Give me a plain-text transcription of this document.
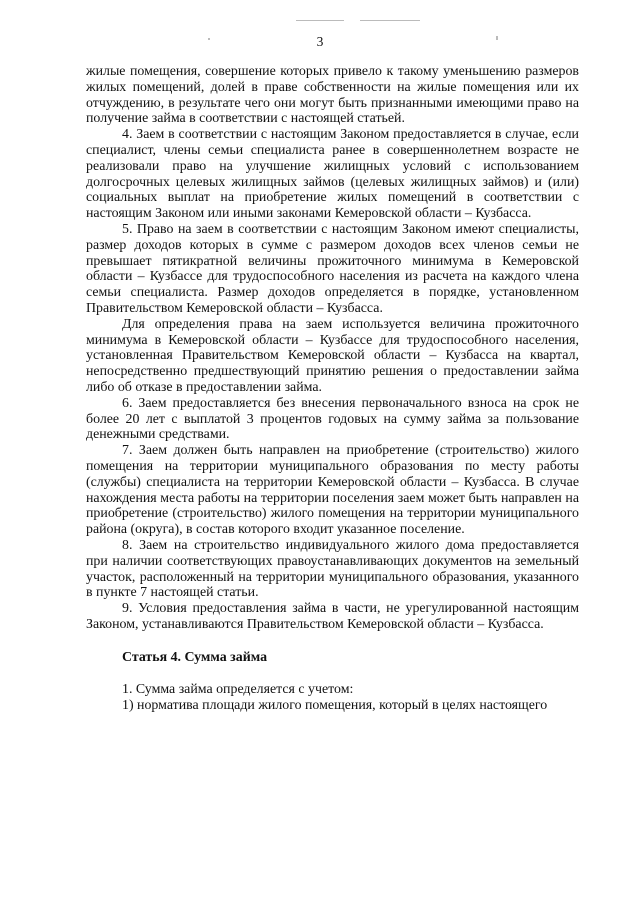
3

жилые помещения, совершение которых привело к такому уменьшению размеров жилых помещений, долей в праве собственности на жилые помещения или их отчуждению, в результате чего они могут быть признанными имеющими право на получение займа в соответствии с настоящей статьей.

4. Заем в соответствии с настоящим Законом предоставляется в случае, если специалист, члены семьи специалиста ранее в совершеннолетнем возрасте не реализовали право на улучшение жилищных условий с использованием долгосрочных целевых жилищных займов (целевых жилищных займов) и (или) социальных выплат на приобретение жилых помещений в соответствии с настоящим Законом или иными законами Кемеровской области – Кузбасса.

5. Право на заем в соответствии с настоящим Законом имеют специалисты, размер доходов которых в сумме с размером доходов всех членов семьи не превышает пятикратной величины прожиточного минимума в Кемеровской области – Кузбассе для трудоспособного населения из расчета на каждого члена семьи специалиста. Размер доходов определяется в порядке, установленном Правительством Кемеровской области – Кузбасса.

Для определения права на заем используется величина прожиточного минимума в Кемеровской области – Кузбассе для трудоспособного населения, установленная Правительством Кемеровской области – Кузбасса на квартал, непосредственно предшествующий принятию решения о предоставлении займа либо об отказе в предоставлении займа.

6. Заем предоставляется без внесения первоначального взноса на срок не более 20 лет с выплатой 3 процентов годовых на сумму займа за пользование денежными средствами.

7. Заем должен быть направлен на приобретение (строительство) жилого помещения на территории муниципального образования по месту работы (службы) специалиста на территории Кемеровской области – Кузбасса. В случае нахождения места работы на территории поселения заем может быть направлен на приобретение (строительство) жилого помещения на территории муниципального района (округа), в состав которого входит указанное поселение.

8. Заем на строительство индивидуального жилого дома предоставляется при наличии соответствующих правоустанавливающих документов на земельный участок, расположенный на территории муниципального образования, указанного в пункте 7 настоящей статьи.

9. Условия предоставления займа в части, не урегулированной настоящим Законом, устанавливаются Правительством Кемеровской области – Кузбасса.

Статья 4. Сумма займа

1. Сумма займа определяется с учетом:

1) норматива площади жилого помещения, который в целях настоящего
